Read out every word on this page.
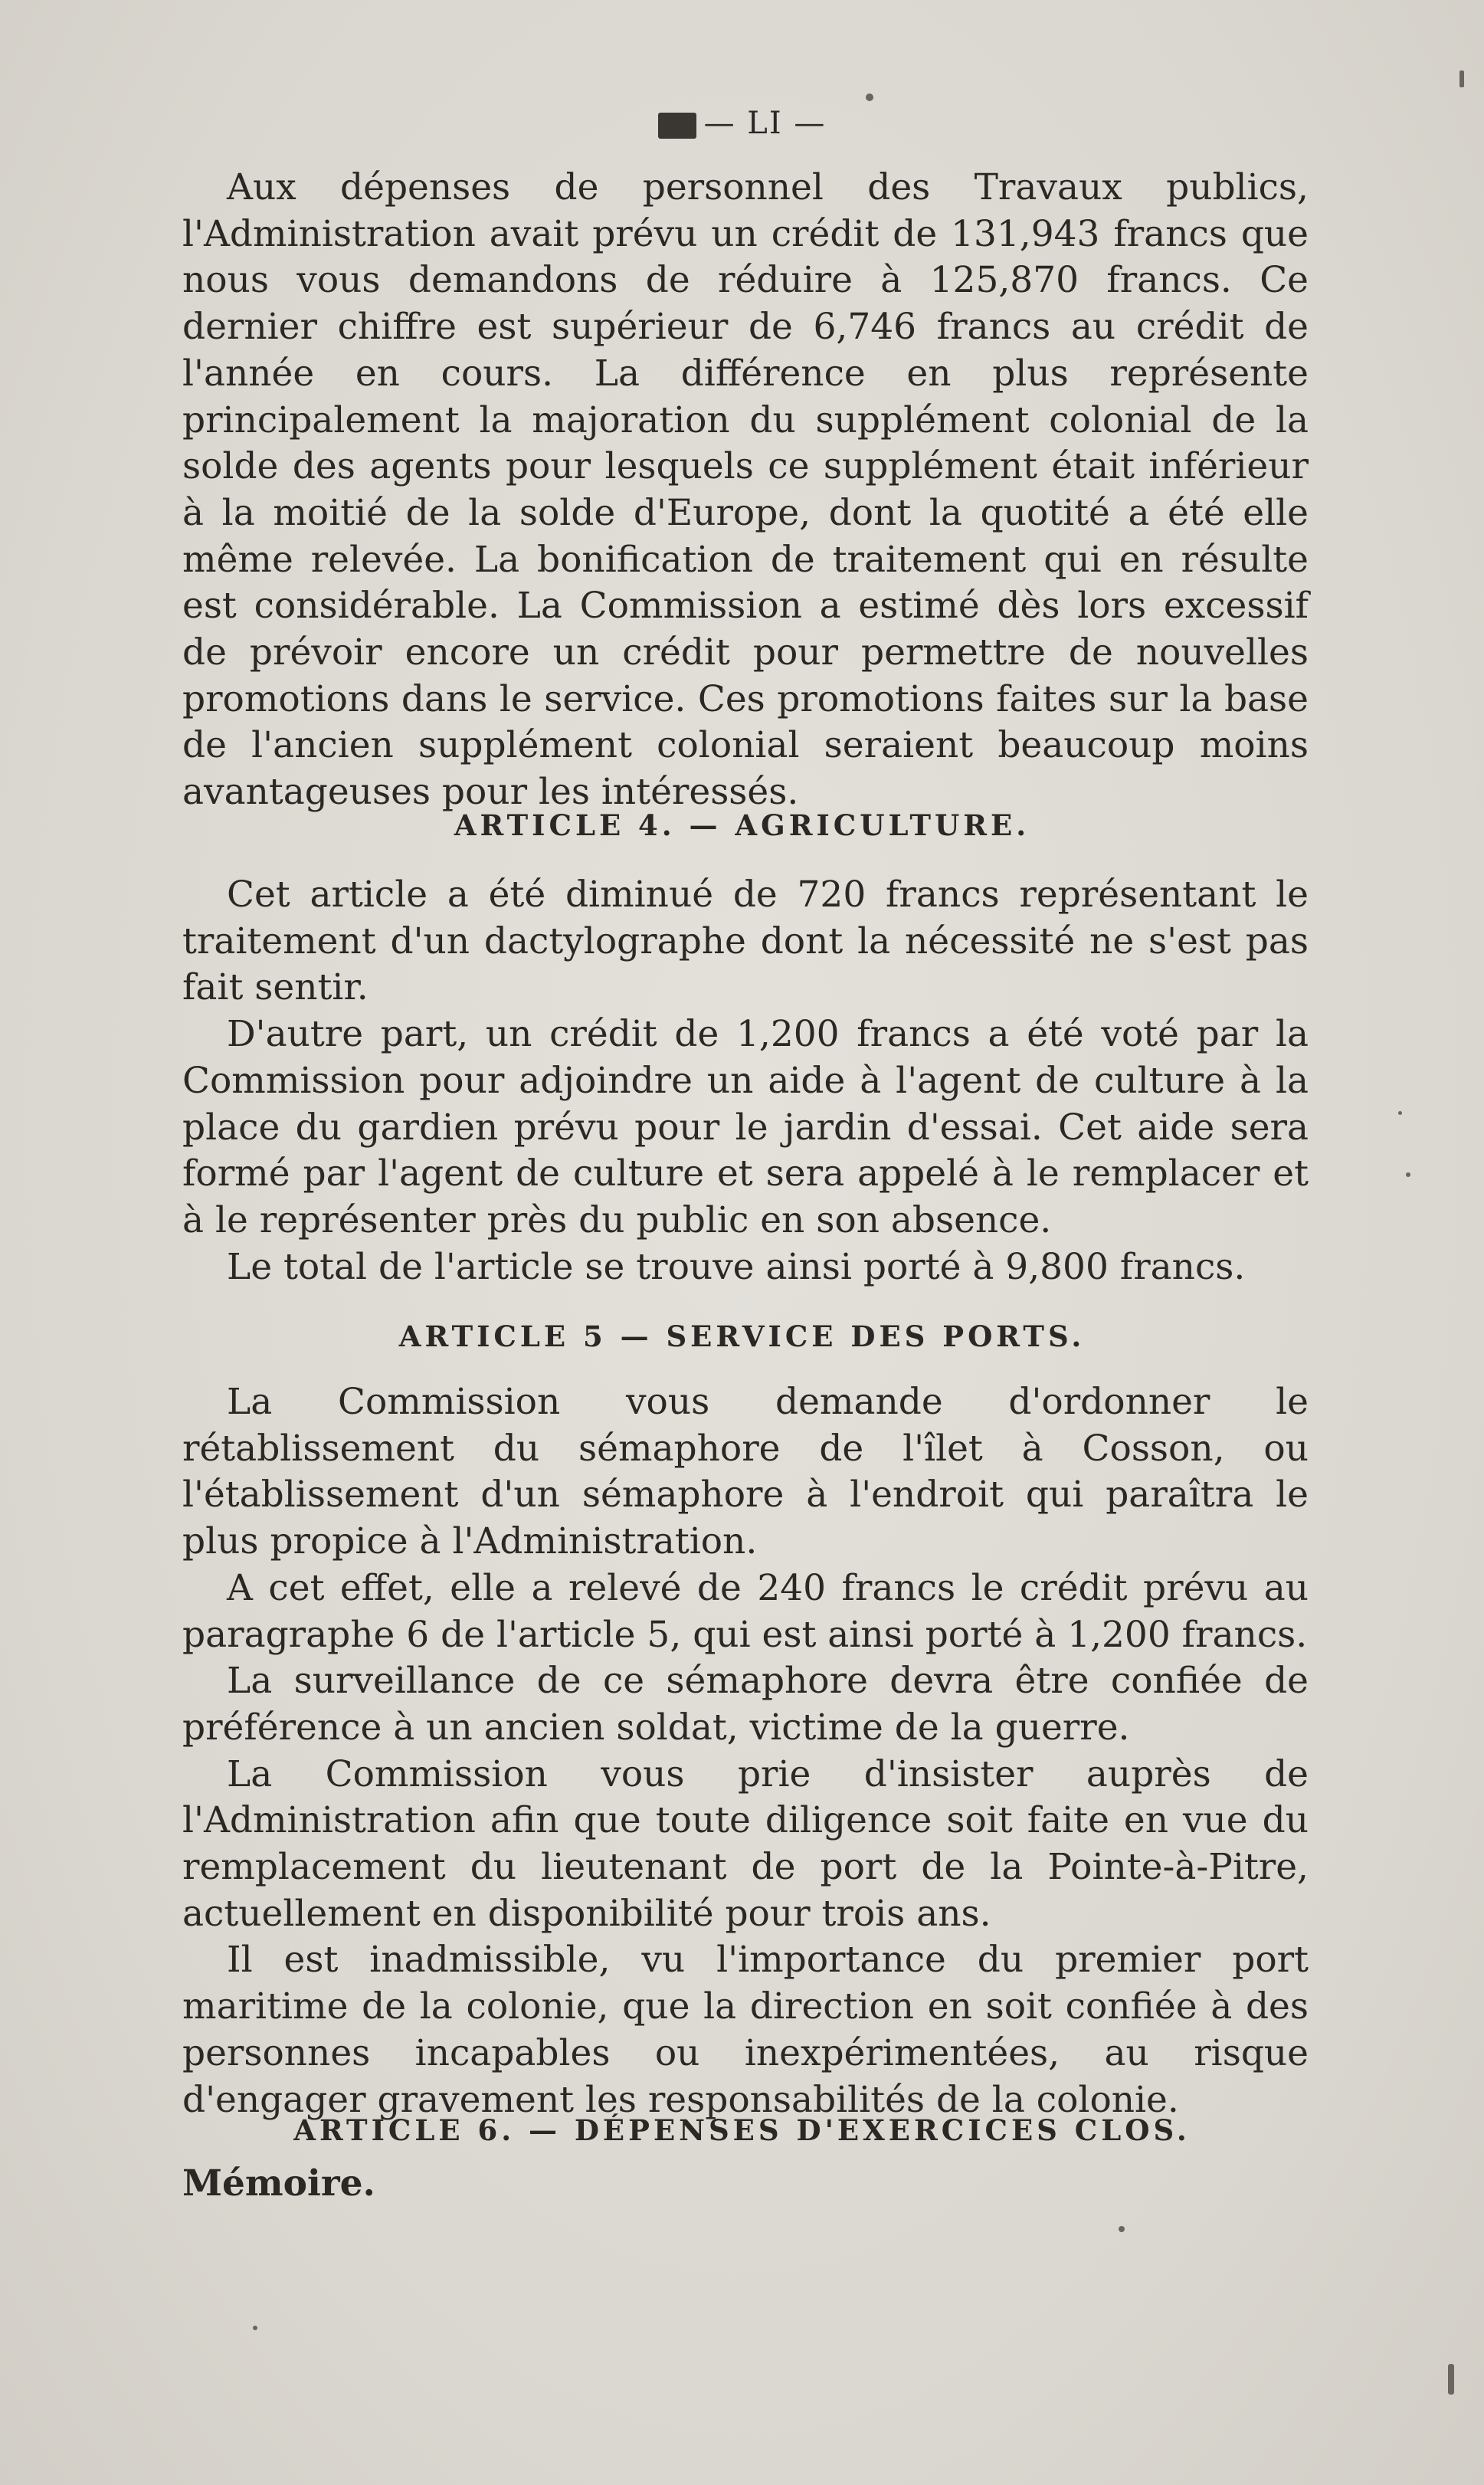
— LI —

Aux dépenses de personnel des Travaux publics, l'Administration avait prévu un crédit de 131,943 francs que nous vous demandons de réduire à 125,870 francs. Ce dernier chiffre est supérieur de 6,746 francs au crédit de l'année en cours. La différence en plus représente principalement la majoration du supplément colonial de la solde des agents pour lesquels ce supplément était inférieur à la moitié de la solde d'Europe, dont la quotité a été elle même relevée. La bonification de traitement qui en résulte est considérable. La Commission a estimé dès lors excessif de prévoir encore un crédit pour permettre de nouvelles promotions dans le service. Ces promotions faites sur la base de l'ancien supplément colonial seraient beaucoup moins avantageuses pour les intéressés.

ARTICLE 4. — AGRICULTURE.

Cet article a été diminué de 720 francs représentant le traitement d'un dactylographe dont la nécessité ne s'est pas fait sentir.

D'autre part, un crédit de 1,200 francs a été voté par la Commission pour adjoindre un aide à l'agent de culture à la place du gardien prévu pour le jardin d'essai. Cet aide sera formé par l'agent de culture et sera appelé à le remplacer et à le représenter près du public en son absence.

Le total de l'article se trouve ainsi porté à 9,800 francs.

ARTICLE 5 — SERVICE DES PORTS.

La Commission vous demande d'ordonner le rétablissement du sémaphore de l'îlet à Cosson, ou l'établissement d'un sémaphore à l'endroit qui paraîtra le plus propice à l'Administration.

A cet effet, elle a relevé de 240 francs le crédit prévu au paragraphe 6 de l'article 5, qui est ainsi porté à 1,200 francs.

La surveillance de ce sémaphore devra être confiée de préférence à un ancien soldat, victime de la guerre.

La Commission vous prie d'insister auprès de l'Administration afin que toute diligence soit faite en vue du remplacement du lieutenant de port de la Pointe-à-Pitre, actuellement en disponibilité pour trois ans.

Il est inadmissible, vu l'importance du premier port maritime de la colonie, que la direction en soit confiée à des personnes incapables ou inexpérimentées, au risque d'engager gravement les responsabilités de la colonie.

ARTICLE 6. — DÉPENSES D'EXERCICES CLOS.
Mémoire.
